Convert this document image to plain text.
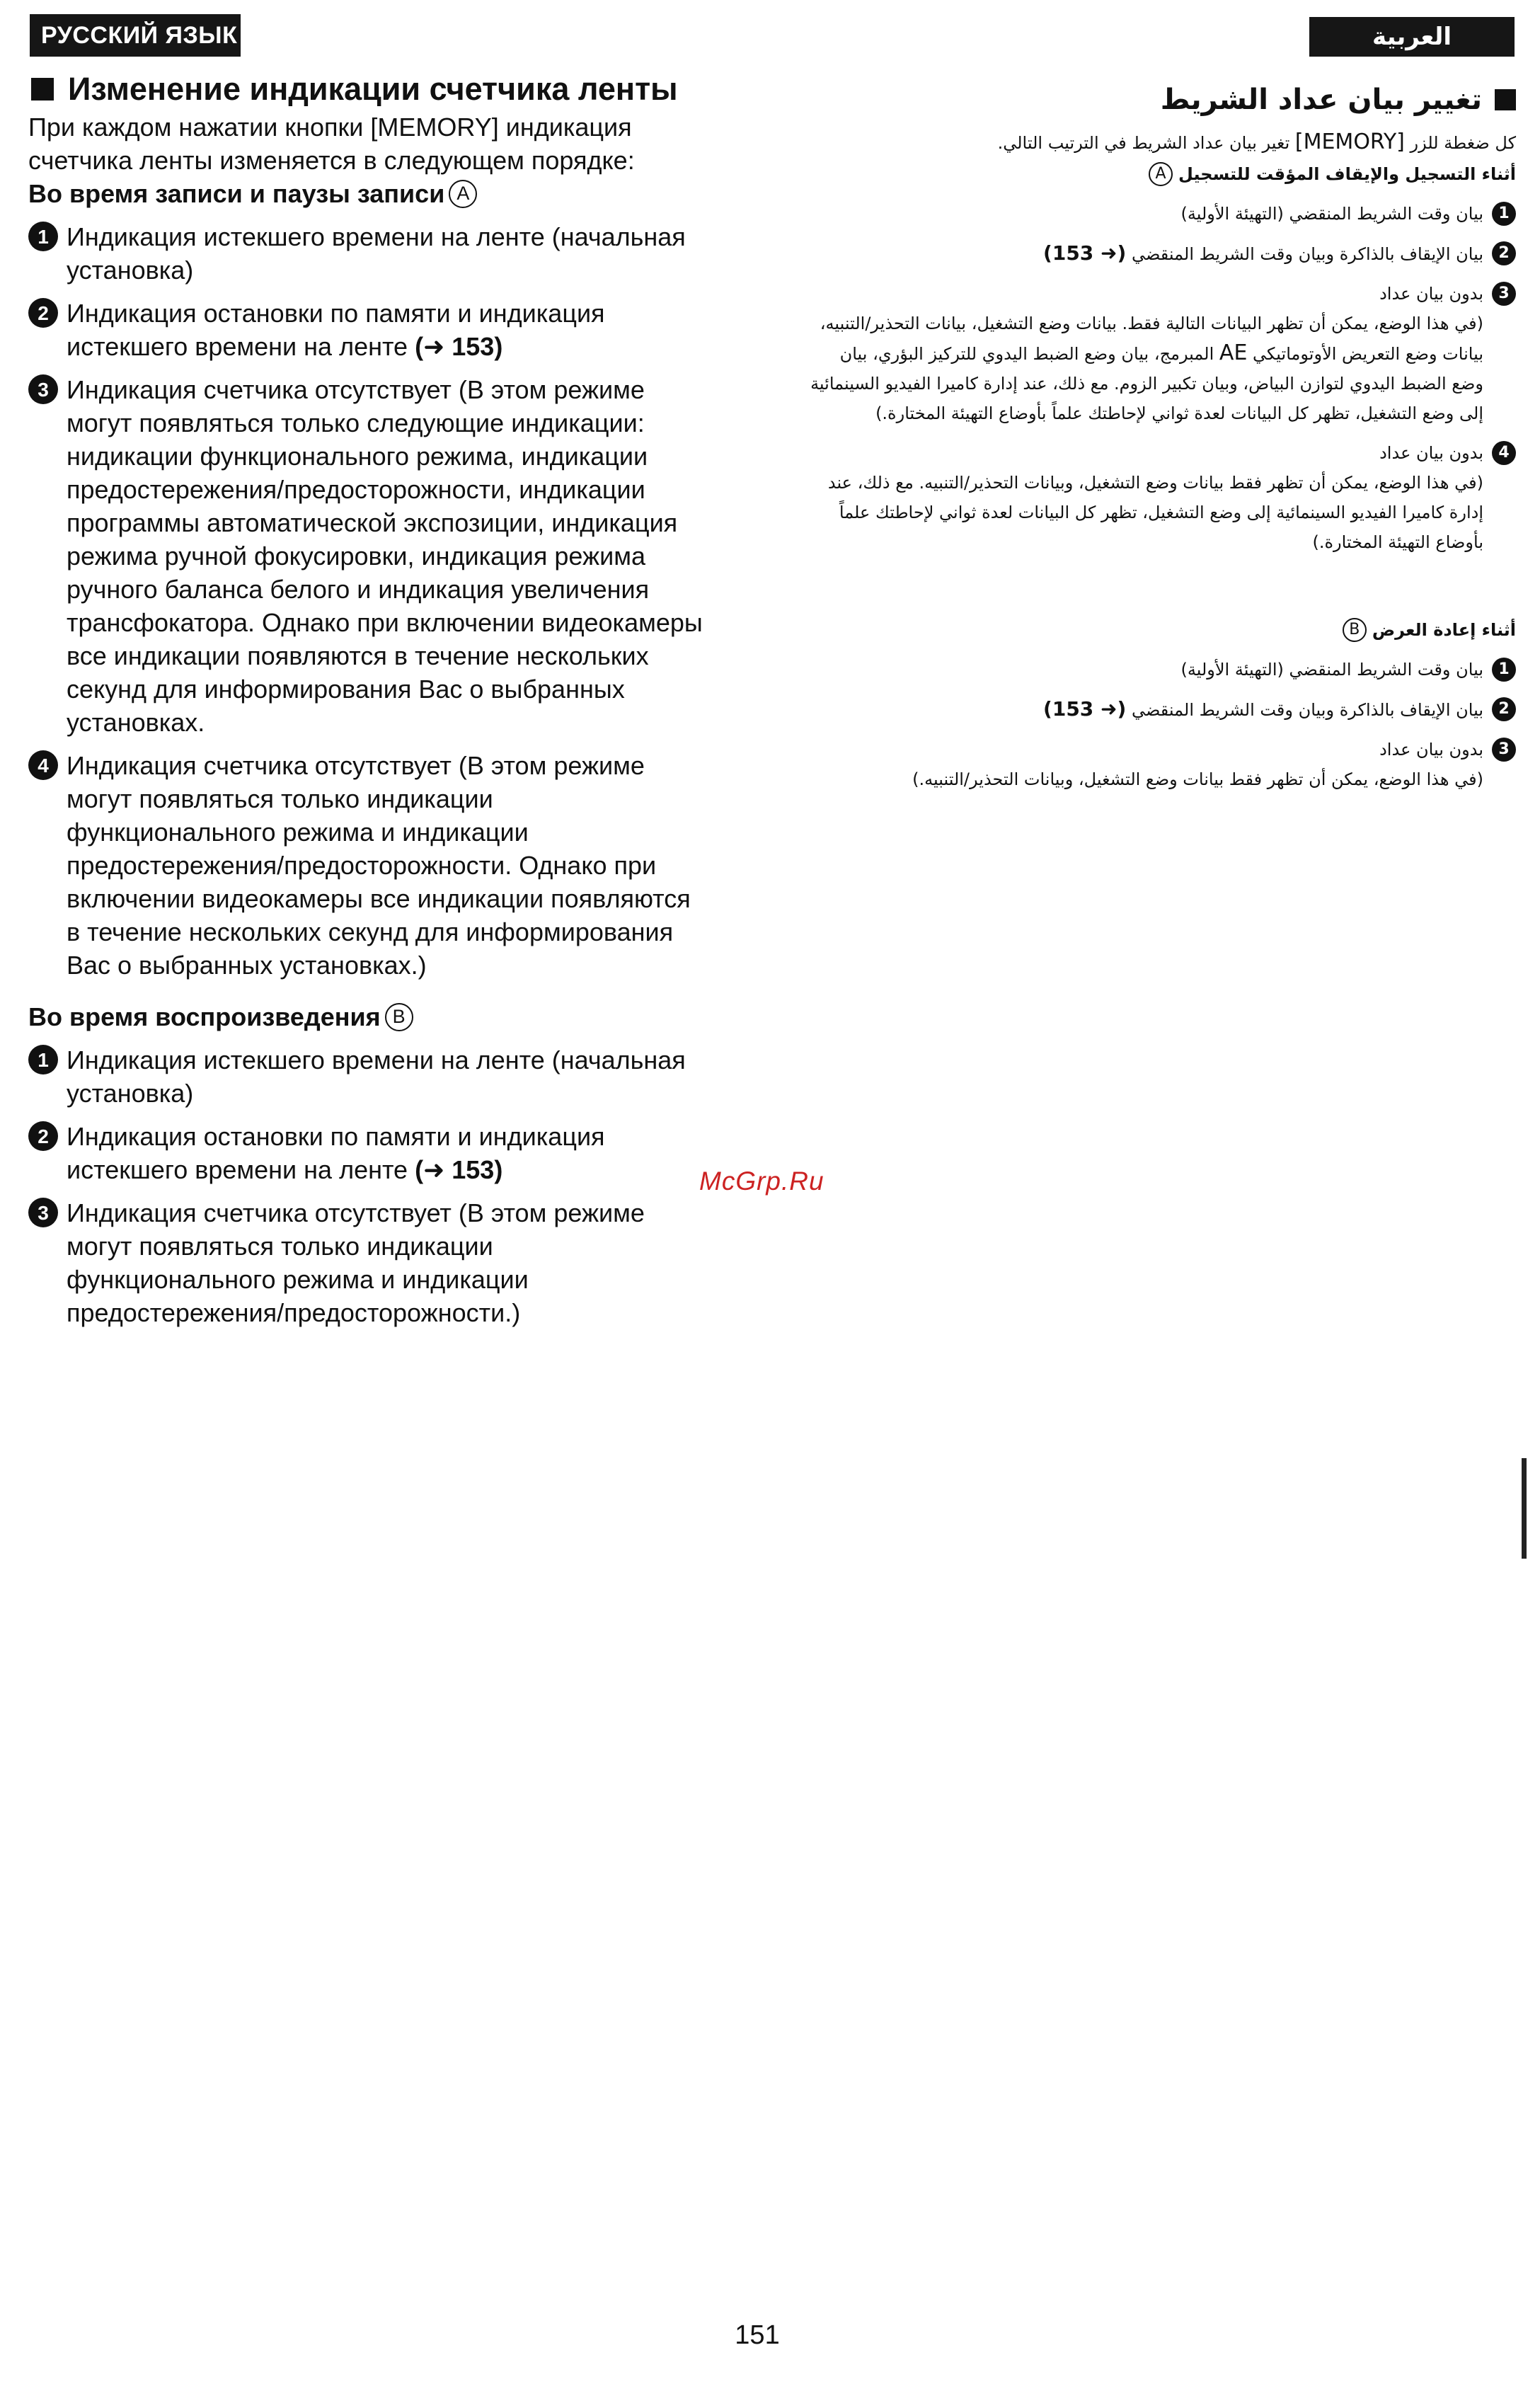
РУССКИЙ ЯЗЫК	العربية
Изменение индикации счетчика ленты

При каждом нажатии кнопки [MEMORY] индикация счетчика ленты изменяется в следующем порядке:

Во время записи и паузы записи A

1 Индикация истекшего времени на ленте (начальная установка)
2 Индикация остановки по памяти и индикация истекшего времени на ленте (➜ 153)
3 Индикация счетчика отсутствует (В этом режиме могут появляться только следующие индикации: нидикации функционального режима, индикации предостережения/предосторожности, индикации программы автоматической экспозиции, индикация режима ручной фокусировки, индикация режима ручного баланса белого и индикация увеличения трансфокатора. Однако при включении видеокамеры все индикации появляются в течение нескольких секунд для информирования Вас о выбранных установках.
4 Индикация счетчика отсутствует (В этом режиме могут появляться только индикации функционального режима и индикации предостережения/предосторожности. Однако при включении видеокамеры все индикации появляются в течение нескольких секунд для информирования Вас о выбранных установках.)

Во время воспроизведения B

1 Индикация истекшего времени на ленте (начальная установка)
2 Индикация остановки по памяти и индикация истекшего времени на ленте (➜ 153)
3 Индикация счетчика отсутствует (В этом режиме могут появляться только индикации функционального режима и индикации предостережения/предосторожности.)
تغيير بيان عداد الشريط

كل ضغطة للزر [MEMORY] تغير بيان عداد الشريط في الترتيب التالي.

أثناء التسجيل والإيقاف المؤقت للتسجيل
A

1
بيان وقت الشريط المنقضي (التهيئة الأولية)
2
بيان الإيقاف بالذاكرة وبيان وقت الشريط المنقضي (➜ 153)
3
بدون بيان عداد
(في هذا الوضع، يمكن أن تظهر البيانات التالية فقط. بيانات وضع التشغيل، بيانات التحذير/التنبيه، بيانات وضع التعريض الأوتوماتيكي AE المبرمج، بيان وضع الضبط اليدوي للتركيز البؤري، بيان وضع الضبط اليدوي لتوازن البياض، وبيان تكبير الزوم. مع ذلك، عند إدارة كاميرا الفيديو السينمائية إلى وضع التشغيل، تظهر كل البيانات لعدة ثواني لإحاطتك علماً بأوضاع التهيئة المختارة.)
4
بدون بيان عداد
(في هذا الوضع، يمكن أن تظهر فقط بيانات وضع التشغيل، وبيانات التحذير/التنبيه. مع ذلك، عند إدارة كاميرا الفيديو السينمائية إلى وضع التشغيل، تظهر كل البيانات لعدة ثواني لإحاطتك علماً بأوضاع التهيئة المختارة.)

أثناء إعادة العرض
B

1
بيان وقت الشريط المنقضي (التهيئة الأولية)
2
بيان الإيقاف بالذاكرة وبيان وقت الشريط المنقضي (➜ 153)
3
بدون بيان عداد
(في هذا الوضع، يمكن أن تظهر فقط بيانات وضع التشغيل، وبيانات التحذير/التنبيه.)
McGrp.Ru
151
